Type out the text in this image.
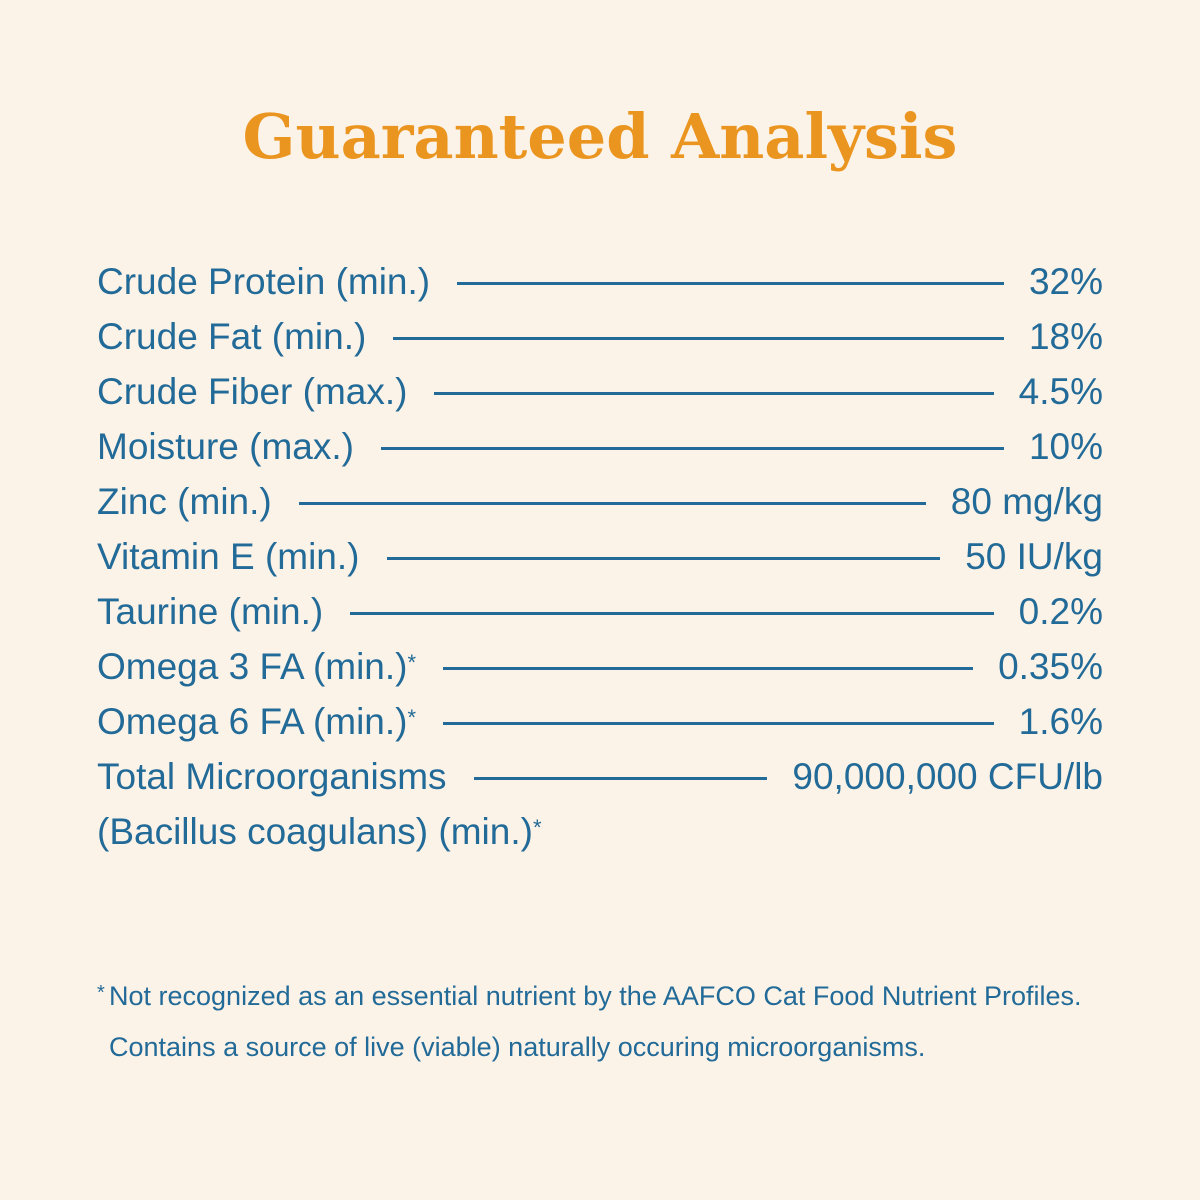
Guaranteed Analysis
Crude Protein (min.)	32%
Crude Fat (min.)	18%
Crude Fiber (max.)	4.5%
Moisture (max.)	10%
Zinc (min.)	80 mg/kg
Vitamin E (min.)	50 IU/kg
Taurine (min.)	0.2%
Omega 3 FA (min.)*	0.35%
Omega 6 FA (min.)*	1.6%
Total Microorganisms	90,000,000 CFU/lb
(Bacillus coagulans) (min.)*
* Not recognized as an essential nutrient by the AAFCO Cat Food Nutrient Profiles.
Contains a source of live (viable) naturally occuring microorganisms.
